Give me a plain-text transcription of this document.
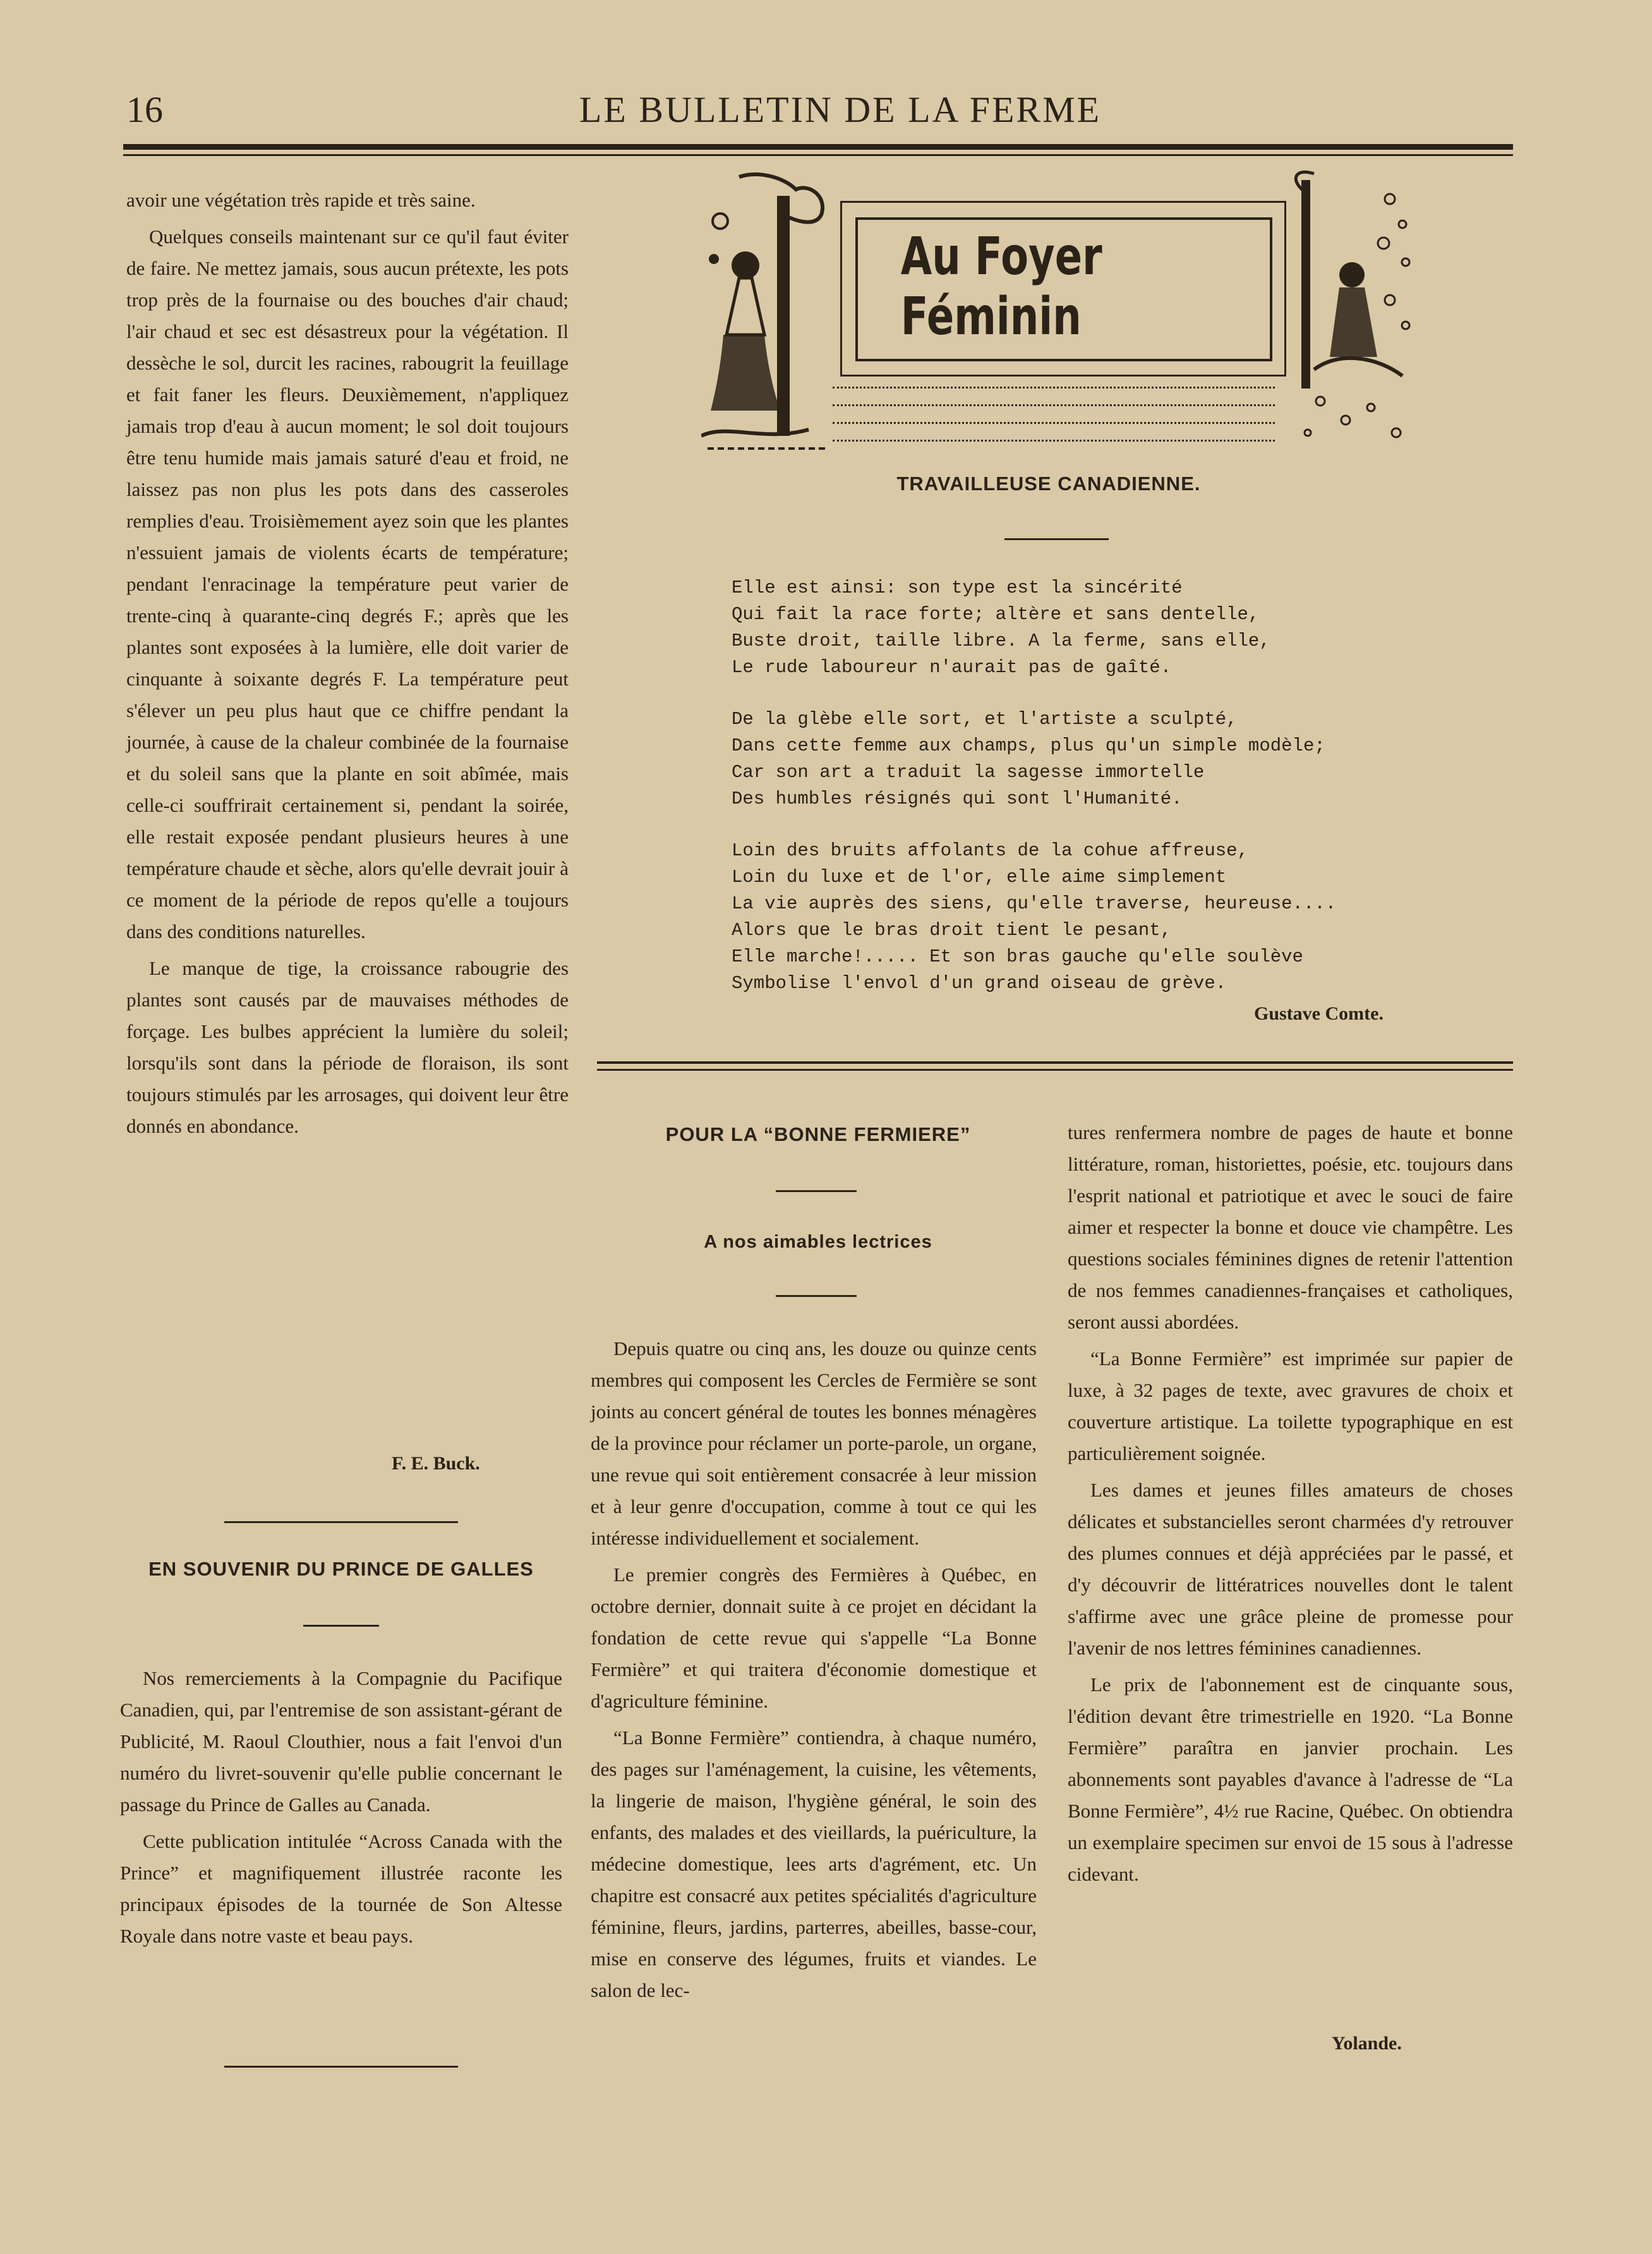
16	LE BULLETIN DE LA FERME

avoir une végétation très rapide et très saine.

Quelques conseils maintenant sur ce qu'il faut éviter de faire. Ne mettez jamais, sous aucun prétexte, les pots trop près de la fournaise ou des bouches d'air chaud; l'air chaud et sec est désastreux pour la végétation. Il dessèche le sol, durcit les racines, rabougrit la feuillage et fait faner les fleurs. Deuxièmement, n'appliquez jamais trop d'eau à aucun moment; le sol doit toujours être tenu humide mais jamais saturé d'eau et froid, ne laissez pas non plus les pots dans des casseroles remplies d'eau. Troisièmement ayez soin que les plantes n'essuient jamais de violents écarts de température; pendant l'enracinage la température peut varier de trente-cinq à quarante-cinq degrés F.; après que les plantes sont exposées à la lumière, elle doit varier de cinquante à soixante degrés F. La température peut s'élever un peu plus haut que ce chiffre pendant la journée, à cause de la chaleur combinée de la fournaise et du soleil sans que la plante en soit abîmée, mais celle-ci souffrirait certainement si, pendant la soirée, elle restait exposée pendant plusieurs heures à une température chaude et sèche, alors qu'elle devrait jouir à ce moment de la période de repos qu'elle a toujours dans des conditions naturelles.

Le manque de tige, la croissance rabougrie des plantes sont causés par de mauvaises méthodes de forçage. Les bulbes apprécient la lumière du soleil; lorsqu'ils sont dans la période de floraison, ils sont toujours stimulés par les arrosages, qui doivent leur être donnés en abondance.

F. E. Buck.
EN SOUVENIR DU PRINCE DE GALLES

Nos remerciements à la Compagnie du Pacifique Canadien, qui, par l'entremise de son assistant-gérant de Publicité, M. Raoul Clouthier, nous a fait l'envoi d'un numéro du livret-souvenir qu'elle publie concernant le passage du Prince de Galles au Canada.

Cette publication intitulée “Across Canada with the Prince” et magnifiquement illustrée raconte les principaux épisodes de la tournée de Son Altesse Royale dans notre vaste et beau pays.

Au Foyer Féminin
TRAVAILLEUSE CANADIENNE.
Elle est ainsi: son type est la sincérité
Qui fait la race forte; altère et sans dentelle,
Buste droit, taille libre. A la ferme, sans elle,
Le rude laboureur n'aurait pas de gaîté.
De la glèbe elle sort, et l'artiste a sculpté,
Dans cette femme aux champs, plus qu'un simple modèle;
Car son art a traduit la sagesse immortelle
Des humbles résignés qui sont l'Humanité.
Loin des bruits affolants de la cohue affreuse,
Loin du luxe et de l'or, elle aime simplement
La vie auprès des siens, qu'elle traverse, heureuse....
Alors que le bras droit tient le pesant,
Elle marche!..... Et son bras gauche qu'elle soulève
Symbolise l'envol d'un grand oiseau de grève.
Gustave Comte.
POUR LA “BONNE FERMIERE”
A nos aimables lectrices

Depuis quatre ou cinq ans, les douze ou quinze cents membres qui composent les Cercles de Fermière se sont joints au concert général de toutes les bonnes ménagères de la province pour réclamer un porte-parole, un organe, une revue qui soit entièrement consacrée à leur mission et à leur genre d'occupation, comme à tout ce qui les intéresse individuellement et socialement.

Le premier congrès des Fermières à Québec, en octobre dernier, donnait suite à ce projet en décidant la fondation de cette revue qui s'appelle “La Bonne Fermière” et qui traitera d'économie domestique et d'agriculture féminine.

“La Bonne Fermière” contiendra, à chaque numéro, des pages sur l'aménagement, la cuisine, les vêtements, la lingerie de maison, l'hygiène général, le soin des enfants, des malades et des vieillards, la puériculture, la médecine domestique, lees arts d'agrément, etc. Un chapitre est consacré aux petites spécialités d'agriculture féminine, fleurs, jardins, parterres, abeilles, basse-cour, mise en conserve des légumes, fruits et viandes. Le salon de lec-

tures renfermera nombre de pages de haute et bonne littérature, roman, historiettes, poésie, etc. toujours dans l'esprit national et patriotique et avec le souci de faire aimer et respecter la bonne et douce vie champêtre. Les questions sociales féminines dignes de retenir l'attention de nos femmes canadiennes-françaises et catholiques, seront aussi abordées.

“La Bonne Fermière” est imprimée sur papier de luxe, à 32 pages de texte, avec gravures de choix et couverture artistique. La toilette typographique en est particulièrement soignée.

Les dames et jeunes filles amateurs de choses délicates et substancielles seront charmées d'y retrouver des plumes connues et déjà appréciées par le passé, et d'y découvrir de littératrices nouvelles dont le talent s'affirme avec une grâce pleine de promesse pour l'avenir de nos lettres féminines canadiennes.

Le prix de l'abonnement est de cinquante sous, l'édition devant être trimestrielle en 1920. “La Bonne Fermière” paraîtra en janvier prochain. Les abonnements sont payables d'avance à l'adresse de “La Bonne Fermière”, 4½ rue Racine, Québec. On obtiendra un exemplaire specimen sur envoi de 15 sous à l'adresse cidevant.

Yolande.
